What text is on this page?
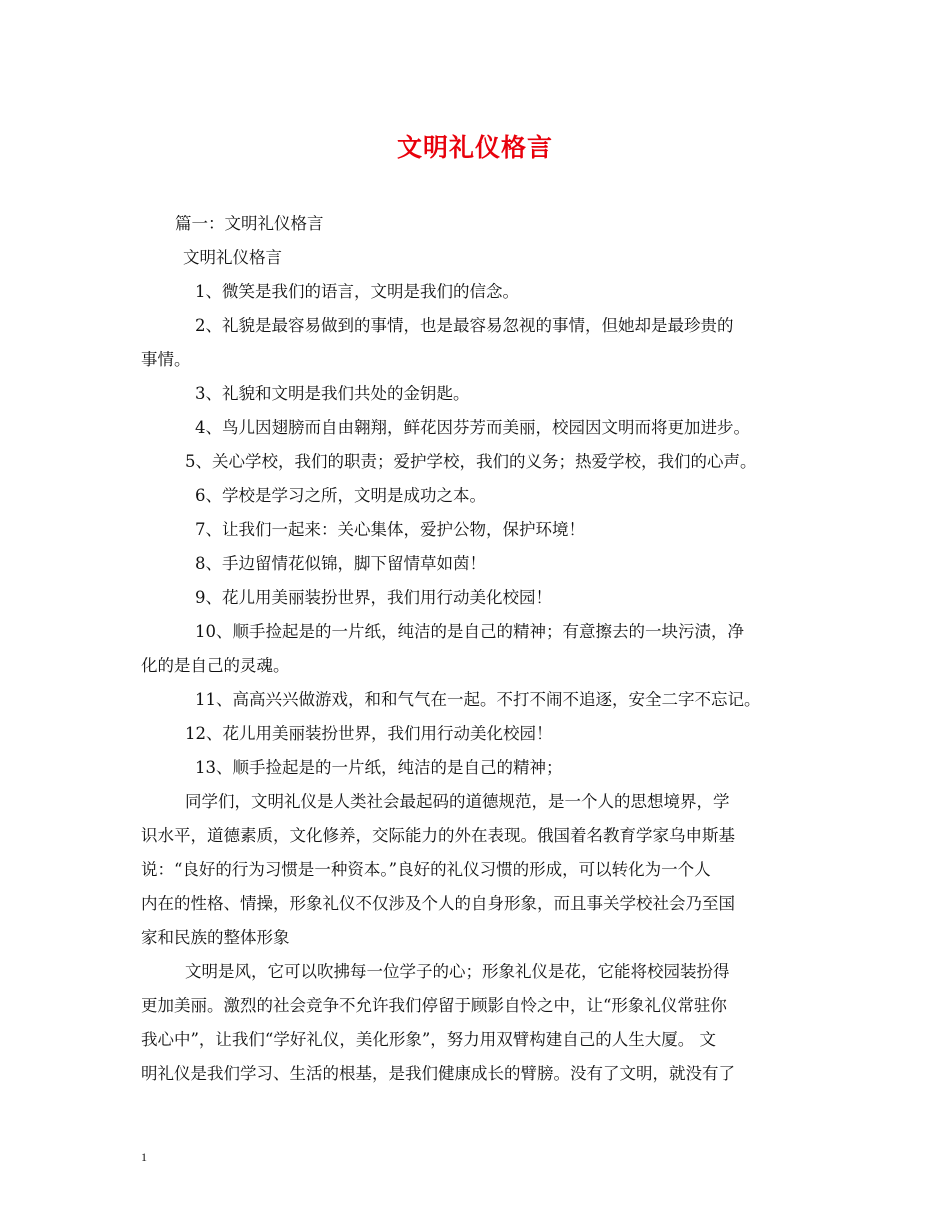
文明礼仪格言
篇一：文明礼仪格言
文明礼仪格言
1、微笑是我们的语言，文明是我们的信念。
2、礼貌是最容易做到的事情，也是最容易忽视的事情，但她却是最珍贵的
事情。
3、礼貌和文明是我们共处的金钥匙。
4、鸟儿因翅膀而自由翱翔，鲜花因芬芳而美丽，校园因文明而将更加进步。
5、关心学校，我们的职责；爱护学校，我们的义务；热爱学校，我们的心声。
6、学校是学习之所，文明是成功之本。
7、让我们一起来：关心集体，爱护公物，保护环境！
8、手边留情花似锦，脚下留情草如茵！
9、花儿用美丽装扮世界，我们用行动美化校园！
10、顺手捡起是的一片纸，纯洁的是自己的精神；有意擦去的一块污渍，净
化的是自己的灵魂。
11、高高兴兴做游戏，和和气气在一起。不打不闹不追逐，安全二字不忘记。
12、花儿用美丽装扮世界，我们用行动美化校园！
13、顺手捡起是的一片纸，纯洁的是自己的精神；
同学们，文明礼仪是人类社会最起码的道德规范，是一个人的思想境界，学
识水平，道德素质，文化修养，交际能力的外在表现。俄国着名教育学家乌申斯基
说：“良好的行为习惯是一种资本。”良好的礼仪习惯的形成，可以转化为一个人
内在的性格、情操，形象礼仪不仅涉及个人的自身形象，而且事关学校社会乃至国
家和民族的整体形象
文明是风，它可以吹拂每一位学子的心；形象礼仪是花，它能将校园装扮得
更加美丽。激烈的社会竞争不允许我们停留于顾影自怜之中，让“形象礼仪常驻你
我心中”，让我们“学好礼仪，美化形象”，努力用双臂构建自己的人生大厦。 文
明礼仪是我们学习、生活的根基，是我们健康成长的臂膀。没有了文明，就没有了
1
